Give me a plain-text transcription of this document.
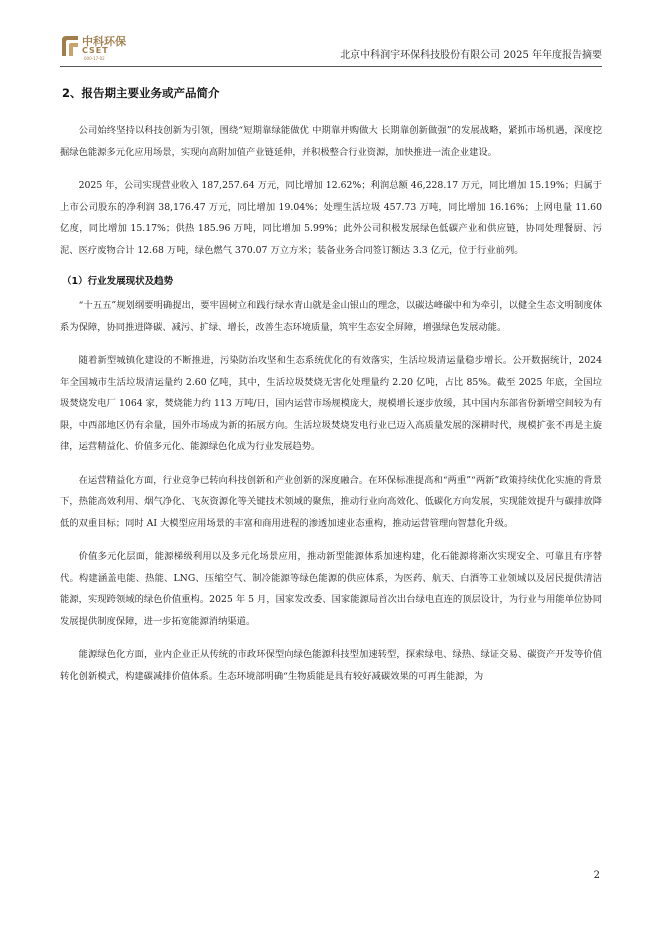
中科环保
CSET
000-17-02	北京中科润宇环保科技股份有限公司 2025 年年度报告摘要
2、报告期主要业务或产品简介

公司始终坚持以科技创新为引领，围绕“短期靠绿能做优 中期靠并购做大 长期靠创新做强”的发展战略，紧抓市场机遇，深度挖掘绿色能源多元化应用场景，实现向高附加值产业链延伸，并积极整合行业资源，加快推进一流企业建设。

2025 年，公司实现营业收入 187,257.64 万元，同比增加 12.62%；利润总额 46,228.17 万元，同比增加 15.19%；归属于上市公司股东的净利润 38,176.47 万元，同比增加 19.04%；处理生活垃圾 457.73 万吨，同比增加 16.16%；上网电量 11.60 亿度，同比增加 15.17%；供热 185.96 万吨，同比增加 5.99%；此外公司积极发展绿色低碳产业和供应链，协同处理餐厨、污泥、医疗废物合计 12.68 万吨，绿色燃气 370.07 万立方米；装备业务合同签订额达 3.3 亿元，位于行业前列。

（1）行业发展现状及趋势

“十五五”规划纲要明确提出，要牢固树立和践行绿水青山就是金山银山的理念，以碳达峰碳中和为牵引，以健全生态文明制度体系为保障，协同推进降碳、减污、扩绿、增长，改善生态环境质量，筑牢生态安全屏障，增强绿色发展动能。

随着新型城镇化建设的不断推进，污染防治攻坚和生态系统优化的有效落实，生活垃圾清运量稳步增长。公开数据统计，2024 年全国城市生活垃圾清运量约 2.60 亿吨，其中，生活垃圾焚烧无害化处理量约 2.20 亿吨，占比 85%。截至 2025 年底，全国垃圾焚烧发电厂 1064 家，焚烧能力约 113 万吨/日，国内运营市场规模庞大，规模增长逐步放缓，其中国内东部省份新增空间较为有限，中西部地区仍有余量，国外市场成为新的拓展方向。生活垃圾焚烧发电行业已迈入高质量发展的深耕时代，规模扩张不再是主旋律，运营精益化、价值多元化、能源绿色化成为行业发展趋势。

在运营精益化方面，行业竞争已转向科技创新和产业创新的深度融合。在环保标准提高和“两重”“两新”政策持续优化实施的背景下，热能高效利用、烟气净化、飞灰资源化等关键技术领域的聚焦，推动行业向高效化、低碳化方向发展，实现能效提升与碳排放降低的双重目标；同时 AI 大模型应用场景的丰富和商用进程的渗透加速业态重构，推动运营管理向智慧化升级。

价值多元化层面，能源梯级利用以及多元化场景应用，推动新型能源体系加速构建，化石能源将渐次实现安全、可靠且有序替代。构建涵盖电能、热能、LNG、压缩空气、制冷能源等绿色能源的供应体系，为医药、航天、白酒等工业领域以及居民提供清洁能源，实现跨领域的绿色价值重构。2025 年 5 月，国家发改委、国家能源局首次出台绿电直连的顶层设计，为行业与用能单位协同发展提供制度保障，进一步拓宽能源消纳渠道。

能源绿色化方面，业内企业正从传统的市政环保型向绿色能源科技型加速转型，探索绿电、绿热、绿证交易、碳资产开发等价值转化创新模式，构建碳减排价值体系。生态环境部明确“生物质能是具有较好减碳效果的可再生能源，为

2
